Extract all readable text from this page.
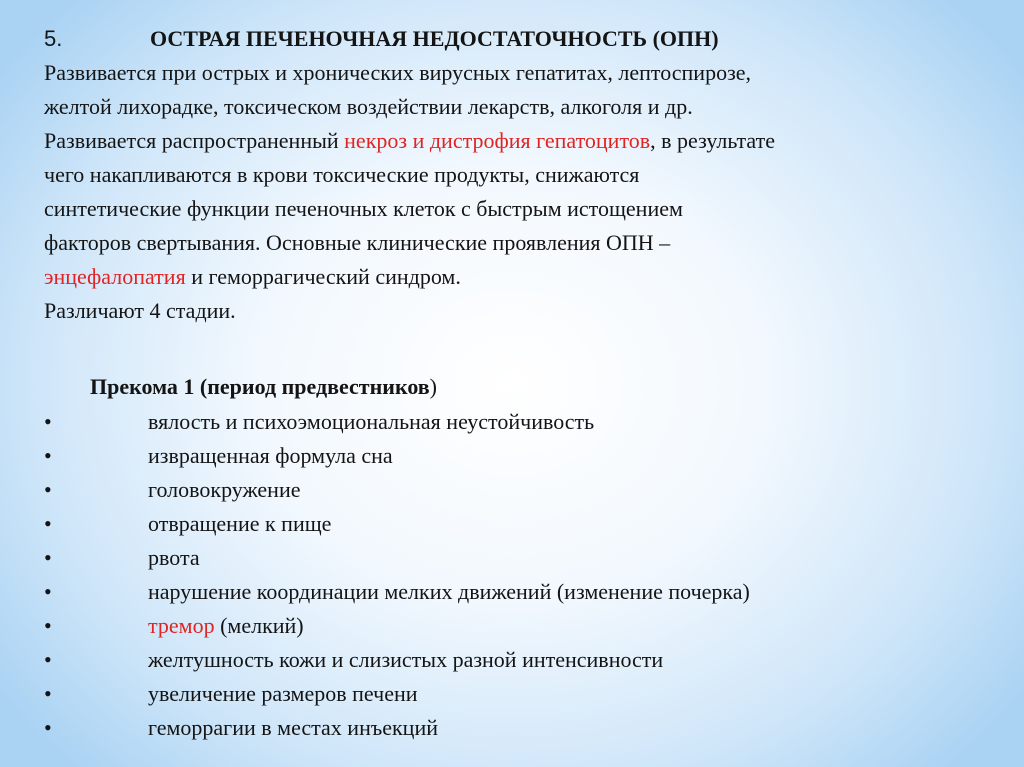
5.	ОСТРАЯ ПЕЧЕНОЧНАЯ НЕДОСТАТОЧНОСТЬ (ОПН)
Развивается при острых и хронических вирусных гепатитах, лептоспирозе,
желтой лихорадке, токсическом воздействии лекарств, алкоголя и др.
Развивается распространенный некроз и дистрофия гепатоцитов, в результате
чего накапливаются в крови токсические продукты, снижаются
синтетические функции печеночных клеток с быстрым истощением
факторов свертывания. Основные клинические проявления ОПН –
энцефалопатия и геморрагический синдром.
Различают 4 стадии.
Прекома 1 (период предвестников)
•	вялость и психоэмоциональная неустойчивость
•	извращенная формула сна
•	головокружение
•	отвращение к пище
•	рвота
•	нарушение координации мелких движений (изменение почерка)
•	тремор (мелкий)
•	желтушность кожи и слизистых разной интенсивности
•	увеличение размеров печени
•	геморрагии в местах инъекций
